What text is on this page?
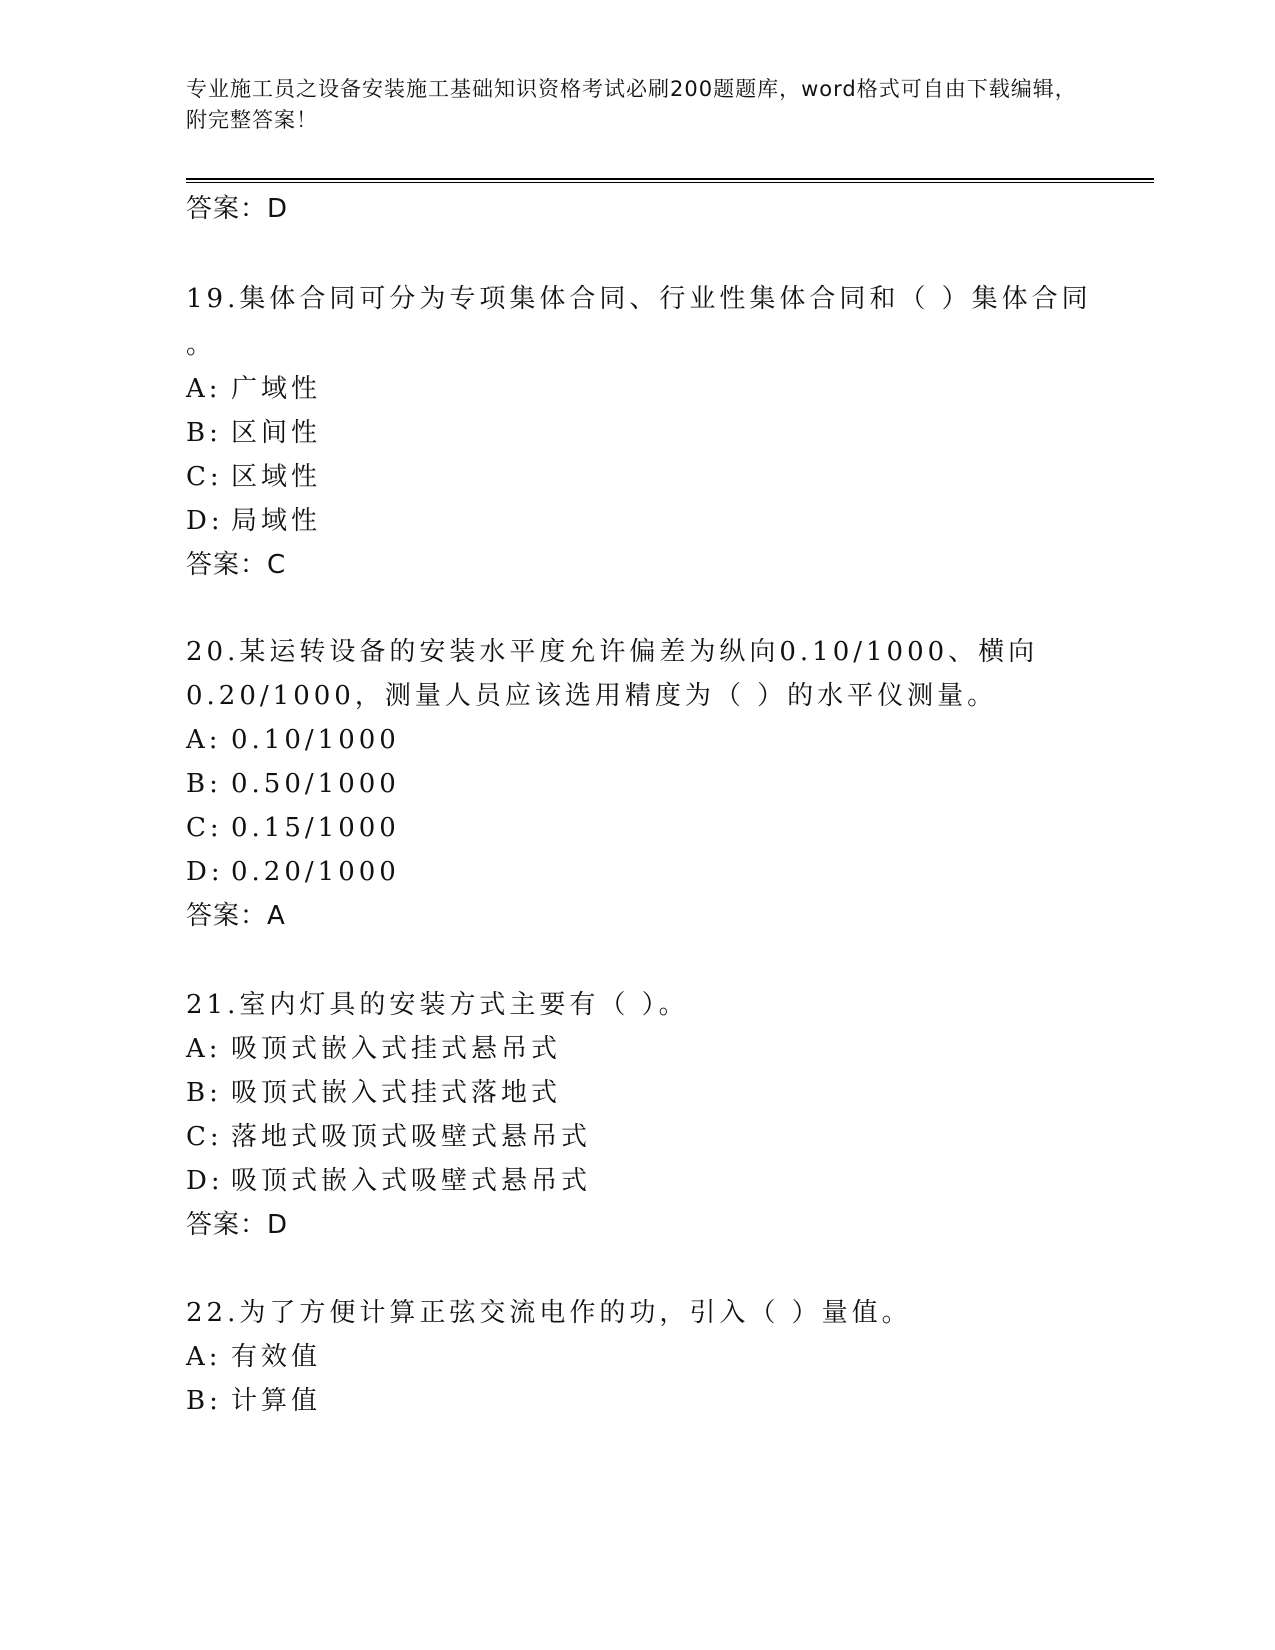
专业施工员之设备安装施工基础知识资格考试必刷200题题库，word格式可自由下载编辑，附完整答案！
答案：D
19.集体合同可分为专项集体合同、行业性集体合同和（ ）集体合同
。
A: 广域性
B: 区间性
C: 区域性
D: 局域性
答案：C
20.某运转设备的安装水平度允许偏差为纵向0.10/1000、横向
0.20/1000，测量人员应该选用精度为（ ）的水平仪测量。
A: 0.10/1000
B: 0.50/1000
C: 0.15/1000
D: 0.20/1000
答案：A
21.室内灯具的安装方式主要有（ ）。
A: 吸顶式嵌入式挂式悬吊式
B: 吸顶式嵌入式挂式落地式
C: 落地式吸顶式吸壁式悬吊式
D: 吸顶式嵌入式吸壁式悬吊式
答案：D
22.为了方便计算正弦交流电作的功，引入（ ）量值。
A: 有效值
B: 计算值
